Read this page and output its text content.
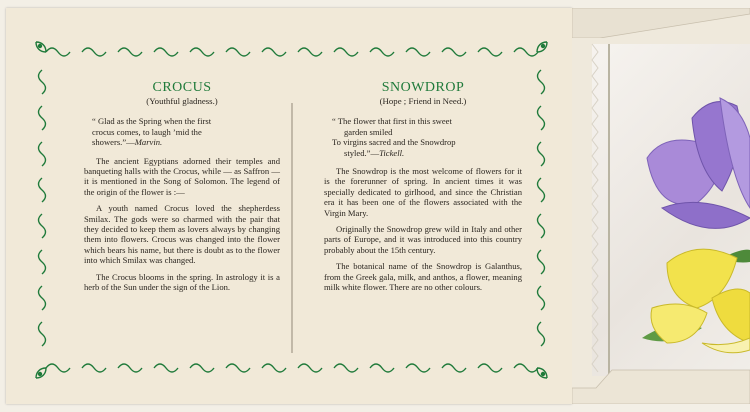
CROCUS

(Youthful gladness.)

“ Glad as the Spring when the first
crocus comes, to laugh ’mid the
showers.”—Marvin.

The ancient Egyptians adorned their temples and banqueting halls with the Crocus, while — as Saffron — it is mentioned in the Song of Solomon. The legend of the origin of the flower is :—

A youth named Crocus loved the shepherdess Smilax. The gods were so charmed with the pair that they decided to keep them as lovers always by changing them into flowers. Crocus was changed into the flower which bears his name, but there is doubt as to the flower into which Smilax was changed.

The Crocus blooms in the spring. In astrology it is a herb of the Sun under the sign of the Lion.

SNOWDROP

(Hope ; Friend in Need.)

“ The flower that first in this sweet
garden smiled
To virgins sacred and the Snowdrop
styled.”—Tickell.

The Snowdrop is the most welcome of flowers for it is the forerunner of spring. In ancient times it was specially dedicated to girlhood, and since the Christian era it has been one of the flowers associated with the Virgin Mary.

Originally the Snowdrop grew wild in Italy and other parts of Europe, and it was introduced into this country probably about the 15th century.

The botanical name of the Snowdrop is Galanthus, from the Greek gala, milk, and anthos, a flower, meaning milk white flower. There are no other colours.
